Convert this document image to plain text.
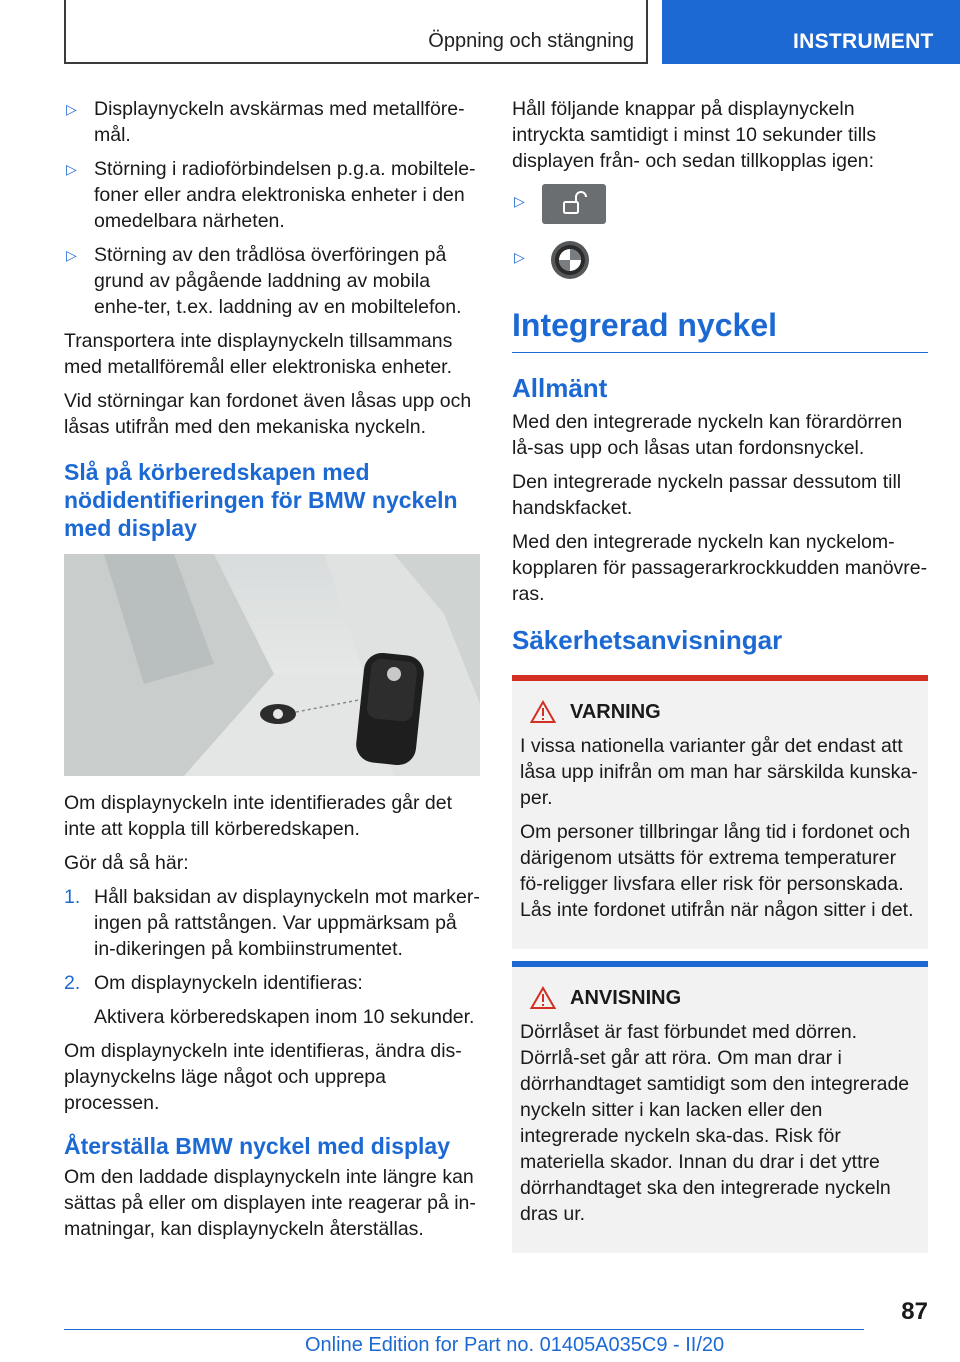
Öppning och stängning	INSTRUMENT
▷ Displaynyckeln avskärmas med metallföre-mål.
▷ Störning i radioförbindelsen p.g.a. mobiltele-foner eller andra elektroniska enheter i den omedelbara närheten.
▷ Störning av den trådlösa överföringen på grund av pågående laddning av mobila enhe-ter, t.ex. laddning av en mobiltelefon.

Transportera inte displaynyckeln tillsammans med metallföremål eller elektroniska enheter.

Vid störningar kan fordonet även låsas upp och låsas utifrån med den mekaniska nyckeln.

Slå på körberedskapen med nödidentifieringen för BMW nyckeln med display

Om displaynyckeln inte identifierades går det inte att koppla till körberedskapen.

Gör då så här:

1. Håll baksidan av displaynyckeln mot marker-ingen på rattstången. Var uppmärksam på in-dikeringen på kombiinstrumentet.
2. Om displaynyckeln identifieras:

Aktivera körberedskapen inom 10 sekunder.

Om displaynyckeln inte identifieras, ändra dis-playnyckelns läge något och upprepa processen.

Återställa BMW nyckel med display

Om den laddade displaynyckeln inte längre kan sättas på eller om displayen inte reagerar på in-matningar, kan displaynyckeln återställas.

Håll följande knappar på displaynyckeln intryckta samtidigt i minst 10 sekunder tills displayen från- och sedan tillkopplas igen:

▷
▷
Integrerad nyckel
Allmänt

Med den integrerade nyckeln kan förardörren lå-sas upp och låsas utan fordonsnyckel.

Den integrerade nyckeln passar dessutom till handskfacket.

Med den integrerade nyckeln kan nyckelom-kopplaren för passagerarkrockkudden manövre-ras.

Säkerhetsanvisningar
VARNING

I vissa nationella varianter går det endast att låsa upp inifrån om man har särskilda kunska-per.

Om personer tillbringar lång tid i fordonet och därigenom utsätts för extrema temperaturer fö-religger livsfara eller risk för personskada. Lås inte fordonet utifrån när någon sitter i det.

ANVISNING

Dörrlåset är fast förbundet med dörren. Dörrlå-set går att röra. Om man drar i dörrhandtaget samtidigt som den integrerade nyckeln sitter i kan lacken eller den integrerade nyckeln ska-das. Risk för materiella skador. Innan du drar i det yttre dörrhandtaget ska den integrerade nyckeln dras ur.

87
Online Edition for Part no. 01405A035C9 - II/20
